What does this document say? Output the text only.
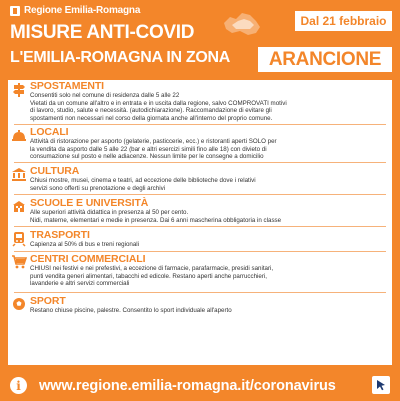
Regione Emilia-Romagna
Dal 21 febbraio
MISURE ANTI-COVID
L'EMILIA-ROMAGNA IN ZONA	ARANCIONE
SPOSTAMENTI
Consentiti solo nel comune di residenza dalle 5 alle 22
Vietati da un comune all'altro e in entrata e in uscita dalla regione, salvo COMPROVATI motivi
di lavoro, studio, salute e necessità. (autodichiarazione). Raccomandazione di evitare gli
spostamenti non necessari nel corso della giornata anche all'interno del proprio comune.
LOCALI
Attività di ristorazione per asporto (gelaterie, pasticcerie, ecc.) e ristoranti aperti SOLO per
la vendita da asporto dalle 5 alle 22 (bar e altri esercizi simili fino alle 18) con divieto di
consumazione sul posto e nelle adiacenze. Nessun limite per le consegne a domicilio
CULTURA
Chiusi mostre, musei, cinema e teatri, ad eccezione delle biblioteche dove i relativi
servizi sono offerti su prenotazione e degli archivi
SCUOLE E UNIVERSITÀ
Alle superiori attività didattica in presenza al 50 per cento.
Nidi, materne, elementari e medie in presenza. Dai 6 anni mascherina obbligatoria in classe
TRASPORTI
Capienza al 50% di bus e treni regionali
CENTRI COMMERCIALI
CHIUSI nei festivi e nei prefestivi, a eccezione di farmacie, parafarmacie, presidi sanitari,
punti vendita generi alimentari, tabacchi ed edicole. Restano aperti anche parrucchieri,
lavanderie e altri servizi commerciali
SPORT
Restano chiuse piscine, palestre. Consentito lo sport individuale all'aperto
i	www.regione.emilia-romagna.it/coronavirus
